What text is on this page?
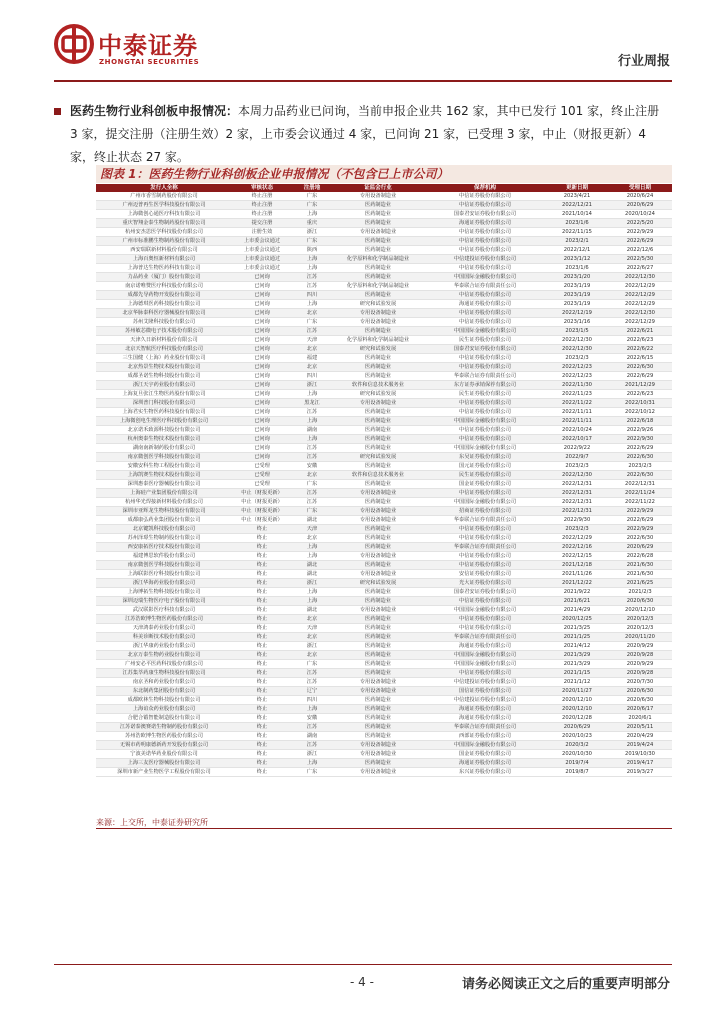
中泰证券
ZHONGTAI SECURITIES	行业周报
医药生物行业科创板申报情况：本周力品药业已问询，当前申报企业共 162 家，其中已发行 101 家，终止注册 3 家，提交注册（注册生效）2 家，上市委会议通过 4 家，已问询 21 家，已受理 3 家，中止（财报更新）4 家，终止状态 27 家。
图表 1：医药生物行业科创板企业申报情况（不包含已上市公司）
发行人全称	审核状态	注册地	证监会行业	保荐机构	更新日期	受理日期
广州市香雪制药股份有限公司	终止注册	广东	专用设备制造业	中信证券股份有限公司	2023/4/21	2020/6/24
广州迈普再生医学科技股份有限公司	终止注册	广东	医药制造业	中信证券股份有限公司	2022/12/21	2020/6/29
上海微创心通医疗科技有限公司	终止注册	上海	医药制造业	国泰君安证券股份有限公司	2021/10/14	2020/10/24
重庆智翔金泰生物制药股份有限公司	提交注册	重庆	医药制造业	海通证券股份有限公司	2023/1/6	2022/5/20
杭州安杰思医学科技股份有限公司	注册生效	浙江	专用设备制造业	中信证券股份有限公司	2022/11/15	2022/9/29
广州市标准鹏生物制药股份有限公司	上市委会议通过	广东	医药制造业	中信证券股份有限公司	2023/2/1	2022/6/29
西安瑞联新材料股份有限公司	上市委会议通过	陕西	医药制造业	中信证券股份有限公司	2022/12/1	2022/12/6
上海百奥恒新材料有限公司	上市委会议通过	上海	化学原料和化学制品制造业	中信建投证券股份有限公司	2023/1/12	2022/5/30
上海普达生物医药科技有限公司	上市委会议通过	上海	医药制造业	中信证券股份有限公司	2023/1/6	2022/6/27
力品药业（厦门）股份有限公司	已问询	江苏	医药制造业	中国国际金融股份有限公司	2023/1/20	2022/12/30
南京诺唯赞医疗科技股份有限公司	已问询	江苏	化学原料和化学制品制造业	华泰联合证券有限责任公司	2023/1/19	2022/12/29
成都先导药物开发股份有限公司	已问询	四川	医药制造业	中信证券股份有限公司	2023/1/19	2022/12/29
上海德琪医药科技股份有限公司	已问询	上海	研究和试验发展	海通证券股份有限公司	2023/1/19	2022/12/29
北京华脉泰科医疗器械股份有限公司	已问询	北京	专用设备制造业	中信证券股份有限公司	2022/12/19	2022/12/30
苏州艾隆科技股份有限公司	已问询	广东	专用设备制造业	中信证券股份有限公司	2023/1/16	2022/12/29
苏州敏芯微电子技术股份有限公司	已问询	江苏	医药制造业	中国国际金融股份有限公司	2023/1/5	2022/6/21
天津久日新材料股份有限公司	已问询	天津	化学原料和化学制品制造业	民生证券股份有限公司	2022/12/30	2022/6/23
北京天智航医疗科技股份有限公司	已问询	北京	研究和试验发展	国泰君安证券股份有限公司	2022/12/30	2022/6/22
三生国健（上海）药业股份有限公司	已问询	福建	医药制造业	中信证券股份有限公司	2023/2/3	2022/6/15
北京热景生物技术股份有限公司	已问询	北京	医药制造业	中信证券股份有限公司	2022/12/23	2022/6/30
成都圣诺生物科技股份有限公司	已问询	四川	医药制造业	华泰联合证券有限责任公司	2022/12/23	2022/6/29
浙江天宇药业股份有限公司	已问询	浙江	软件和信息技术服务业	东方证券承销保荐有限公司	2022/11/30	2021/12/29
上海复旦张江生物医药股份有限公司	已问询	上海	研究和试验发展	民生证券股份有限公司	2022/11/23	2022/6/23
深圳普门科技股份有限公司	已问询	黑龙江	专用设备制造业	中信证券股份有限公司	2022/11/22	2022/10/31
上海君实生物医药科技股份有限公司	已问询	江苏	医药制造业	中信证券股份有限公司	2022/11/11	2022/10/12
上海微创电生理医疗科技股份有限公司	已问询	上海	医药制造业	中国国际金融股份有限公司	2022/11/11	2022/6/18
北京诺禾致源科技股份有限公司	已问询	湖南	医药制造业	中信证券股份有限公司	2022/10/24	2022/9/26
杭州奥泰生物技术股份有限公司	已问询	上海	医药制造业	中信证券股份有限公司	2022/10/17	2022/9/30
湖南南新制药股份有限公司	已问询	江苏	医药制造业	中国国际金融股份有限公司	2022/9/22	2022/6/29
南京微创医学科技股份有限公司	已问询	江苏	研究和试验发展	东吴证券股份有限公司	2022/9/7	2022/6/30
安徽安科生物工程股份有限公司	已受理	安徽	医药制造业	国元证券股份有限公司	2023/2/3	2023/2/3
上海凯赛生物技术股份有限公司	已受理	北京	软件和信息技术服务业	民生证券股份有限公司	2022/12/30	2022/6/30
深圳惠泰医疗器械股份有限公司	已受理	广东	医药制造业	国金证券股份有限公司	2022/12/31	2022/12/31
上海硅产业集团股份有限公司	中止（财报更新）	江苏	专用设备制造业	中信证券股份有限公司	2022/12/31	2022/11/24
杭州华光焊接新材料股份有限公司	中止（财报更新）	江苏	医药制造业	中国国际金融股份有限公司	2022/12/31	2022/11/22
深圳市亚辉龙生物科技股份有限公司	中止（财报更新）	广东	专用设备制造业	招商证券股份有限公司	2022/12/31	2022/9/29
成都康弘药业集团股份有限公司	中止（财报更新）	湖北	专用设备制造业	华泰联合证券有限责任公司	2022/9/30	2022/6/29
北京键凯科技股份有限公司	终止	天津	医药制造业	中信证券股份有限公司	2023/2/3	2022/9/29
苏州泽璟生物制药股份有限公司	终止	北京	医药制造业	中信证券股份有限公司	2022/12/29	2022/6/30
西安康拓医疗技术股份有限公司	终止	上海	医药制造业	华泰联合证券有限责任公司	2022/12/16	2020/6/29
福建博思软件股份有限公司	终止	上海	专用设备制造业	中信证券股份有限公司	2022/12/15	2022/6/28
南京微创医学科技股份有限公司	终止	湖北	医药制造业	中信证券股份有限公司	2021/12/18	2021/6/30
上海联影医疗科技股份有限公司	终止	湖北	专用设备制造业	安信证券股份有限公司	2021/11/26	2021/6/30
浙江华海药业股份有限公司	终止	浙江	研究和试验发展	光大证券股份有限公司	2021/12/22	2021/6/25
上海博拓生物科技股份有限公司	终止	上海	医药制造业	国泰君安证券股份有限公司	2021/9/22	2021/2/3
深圳迈瑞生物医疗电子股份有限公司	终止	上海	医药制造业	中信证券股份有限公司	2021/6/21	2020/6/30
武汉联影医疗科技有限公司	终止	湖北	专用设备制造业	中国国际金融股份有限公司	2021/4/29	2020/12/10
江苏浩欧博生物医药股份有限公司	终止	北京	医药制造业	中信证券股份有限公司	2020/12/25	2020/12/3
天津鸿泰药业股份有限公司	终止	天津	医药制造业	中信证券股份有限公司	2021/3/25	2020/12/3
科美诊断技术股份有限公司	终止	北京	医药制造业	华泰联合证券有限责任公司	2021/1/25	2020/11/20
浙江华康药业股份有限公司	终止	浙江	医药制造业	海通证券股份有限公司	2021/4/12	2020/9/29
北京万泰生物药业股份有限公司	终止	北京	医药制造业	中国国际金融股份有限公司	2021/3/29	2020/9/28
广州安必平医药科技股份有限公司	终止	广东	医药制造业	中国国际金融股份有限公司	2021/3/29	2020/9/29
江苏集萃药康生物科技股份有限公司	终止	江苏	医药制造业	中信证券股份有限公司	2021/1/15	2020/9/28
南京圣和药业股份有限公司	终止	江苏	专用设备制造业	中信建投证券股份有限公司	2021/1/12	2020/7/30
东北制药集团股份有限公司	终止	辽宁	专用设备制造业	国信证券股份有限公司	2020/11/27	2020/6/30
成都欧林生物科技股份有限公司	终止	四川	医药制造业	中信建投证券股份有限公司	2020/12/10	2020/6/30
上海谊众药业股份有限公司	终止	上海	医药制造业	海通证券股份有限公司	2020/12/10	2020/6/17
合肥合锻智能制造股份有限公司	终止	安徽	医药制造业	海通证券股份有限公司	2020/12/28	2020/6/1
江苏诺泰澳赛诺生物制药股份有限公司	终止	江苏	医药制造业	华泰联合证券有限责任公司	2020/6/29	2020/5/11
苏州浩欧博生物医药股份有限公司	终止	湖南	医药制造业	西部证券股份有限公司	2020/10/23	2020/4/29
无锡市药明康德新药开发股份有限公司	终止	江苏	专用设备制造业	中国国际金融股份有限公司	2020/3/2	2019/4/24
宁波美诺华药业股份有限公司	终止	浙江	专用设备制造业	国金证券股份有限公司	2020/10/30	2019/10/30
上海三友医疗器械股份有限公司	终止	上海	医药制造业	海通证券股份有限公司	2019/7/4	2019/4/17
深圳市新产业生物医学工程股份有限公司	终止	广东	专用设备制造业	东兴证券股份有限公司	2019/8/7	2019/3/27
来源：上交所，中泰证券研究所
- 4 -	请务必阅读正文之后的重要声明部分
